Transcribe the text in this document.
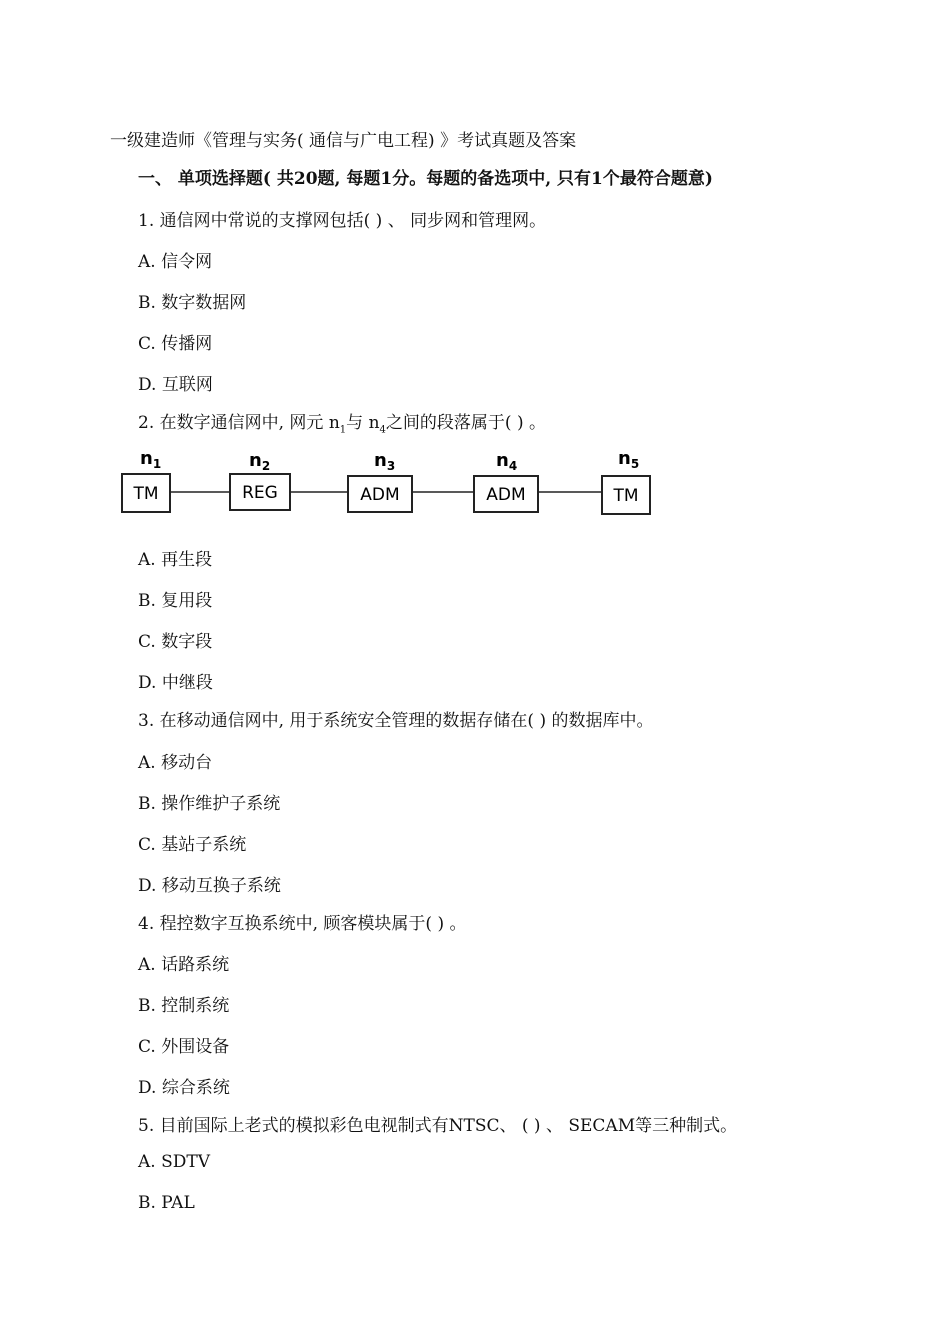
一级建造师《管理与实务( 通信与广电工程) 》考试真题及答案
一、 单项选择题( 共20题, 每题1分。每题的备选项中, 只有1个最符合题意)
1. 通信网中常说的支撑网包括( ) 、 同步网和管理网。
A. 信令网
B. 数字数据网
C. 传播网
D. 互联网
2. 在数字通信网中, 网元 $n_1$与 $n_4$之间的段落属于( ) 。
TM
$n_1$
REG
$n_2$
ADM
$n_3$
ADM
$n_4$
TM
$n_5$
A. 再生段
B. 复用段
C. 数字段
D. 中继段
3. 在移动通信网中, 用于系统安全管理的数据存储在( ) 的数据库中。
A. 移动台
B. 操作维护子系统
C. 基站子系统
D. 移动互换子系统
4. 程控数字互换系统中, 顾客模块属于( ) 。
A. 话路系统
B. 控制系统
C. 外围设备
D. 综合系统
5. 目前国际上老式的模拟彩色电视制式有NTSC、 ( ) 、 SECAM等三种制式。
A. SDTV
B. PAL
